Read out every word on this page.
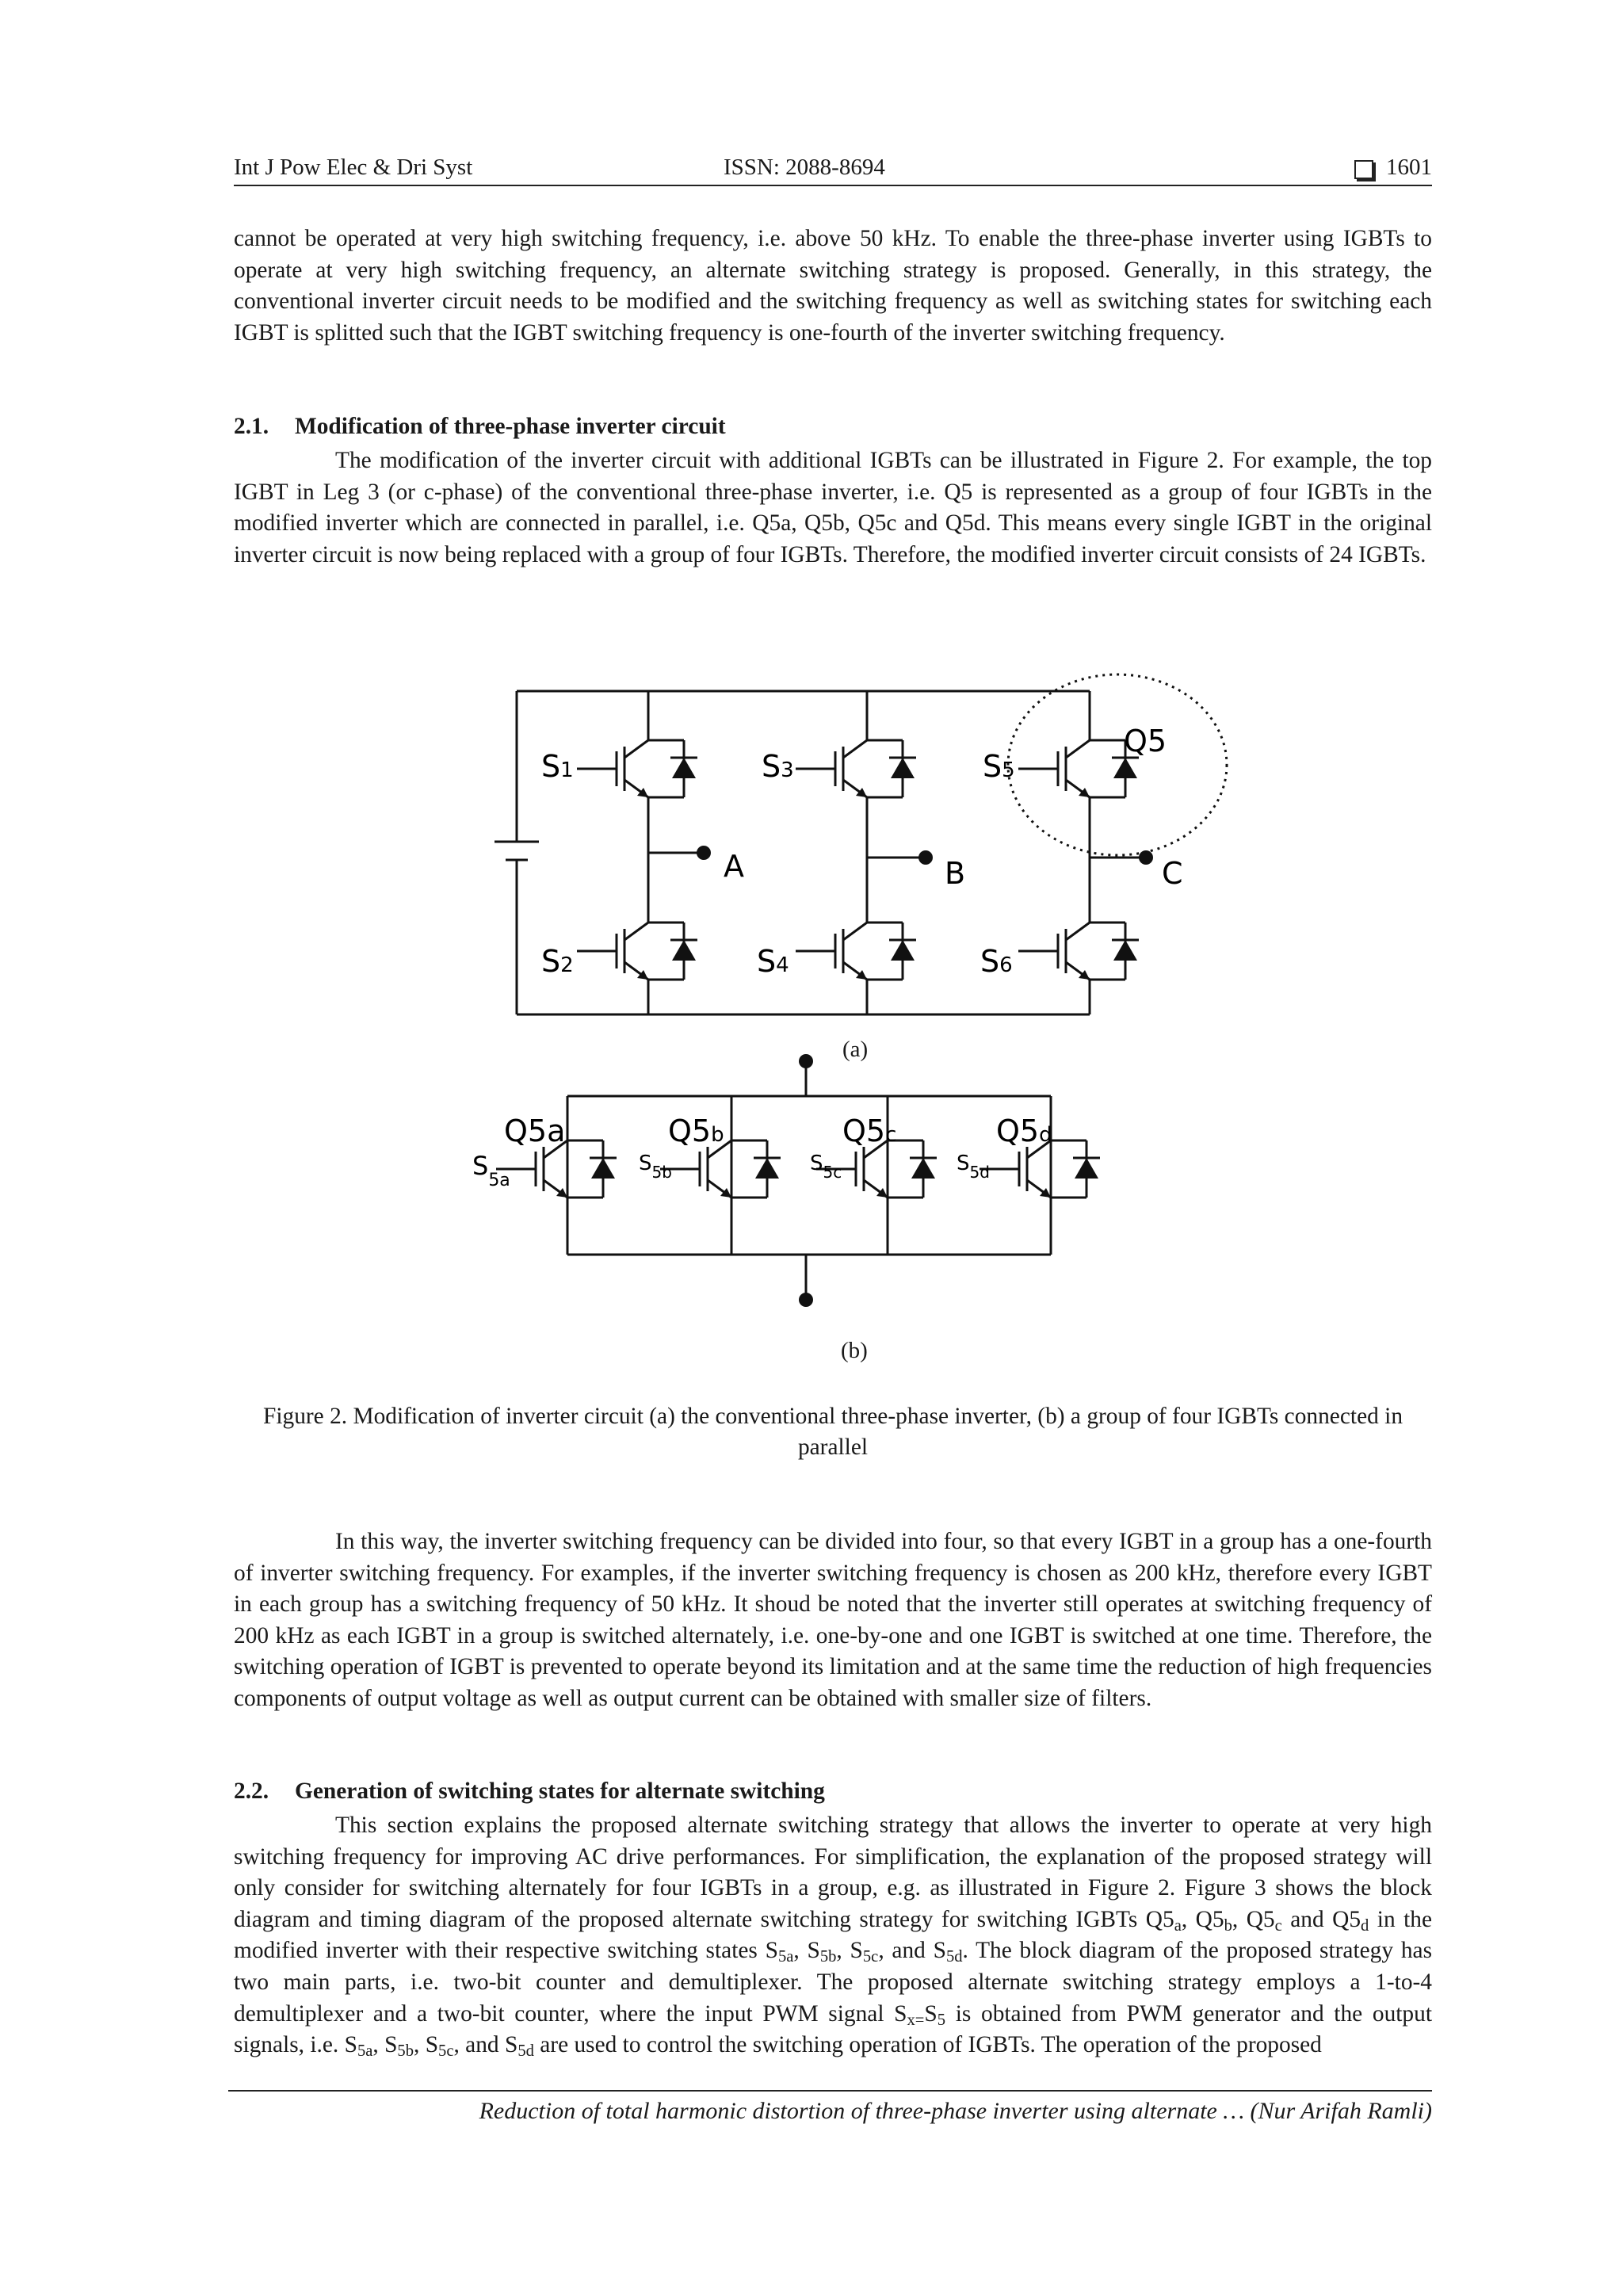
Int J Pow Elec & Dri Syst	ISSN: 2088-8694	1601

cannot be operated at very high switching frequency, i.e. above 50 kHz. To enable the three-phase inverter using IGBTs to operate at very high switching frequency, an alternate switching strategy is proposed. Generally, in this strategy, the conventional inverter circuit needs to be modified and the switching frequency as well as switching states for switching each IGBT is splitted such that the IGBT switching frequency is one-fourth of the inverter switching frequency.

2.1. Modification of three-phase inverter circuit

The modification of the inverter circuit with additional IGBTs can be illustrated in Figure 2. For example, the top IGBT in Leg 3 (or c-phase) of the conventional three-phase inverter, i.e. Q5 is represented as a group of four IGBTs in the modified inverter which are connected in parallel, i.e. Q5a, Q5b, Q5c and Q5d. This means every single IGBT in the original inverter circuit is now being replaced with a group of four IGBTs. Therefore, the modified inverter circuit consists of 24 IGBTs.

S1	S3	S5
S2	S4	S6
A	B	C
Q5
Q5a	Q5b	Q5c	Q5d
$S_{5a}$
$S_{5b}$	$S_{5c}$	$S_{5d}$
(a)
(b)
Figure 2. Modification of inverter circuit (a) the conventional three-phase inverter, (b) a group of four IGBTs connected in parallel

In this way, the inverter switching frequency can be divided into four, so that every IGBT in a group has a one-fourth of inverter switching frequency. For examples, if the inverter switching frequency is chosen as 200 kHz, therefore every IGBT in each group has a switching frequency of 50 kHz. It shoud be noted that the inverter still operates at switching frequency of 200 kHz as each IGBT in a group is switched alternately, i.e. one-by-one and one IGBT is switched at one time. Therefore, the switching operation of IGBT is prevented to operate beyond its limitation and at the same time the reduction of high frequencies components of output voltage as well as output current can be obtained with smaller size of filters.

2.2. Generation of switching states for alternate switching

This section explains the proposed alternate switching strategy that allows the inverter to operate at very high switching frequency for improving AC drive performances. For simplification, the explanation of the proposed strategy will only consider for switching alternately for four IGBTs in a group, e.g. as illustrated in Figure 2. Figure 3 shows the block diagram and timing diagram of the proposed alternate switching strategy for switching IGBTs $Q5_a$, $Q5_b$, $Q5_c$ and $Q5_d$ in the modified inverter with their respective switching states $S_{5a}$, $S_{5b}$, $S_{5c}$, and $S_{5d}$. The block diagram of the proposed strategy has two main parts, i.e. two-bit counter and demultiplexer. The proposed alternate switching strategy employs a 1-to-4 demultiplexer and a two-bit counter, where the input PWM signal $S_{x=}S_5$ is obtained from PWM generator and the output signals, i.e. $S_{5a}$, $S_{5b}$, $S_{5c}$, and $S_{5d}$ are used to control the switching operation of IGBTs. The operation of the proposed

Reduction of total harmonic distortion of three-phase inverter using alternate … (Nur Arifah Ramli)
